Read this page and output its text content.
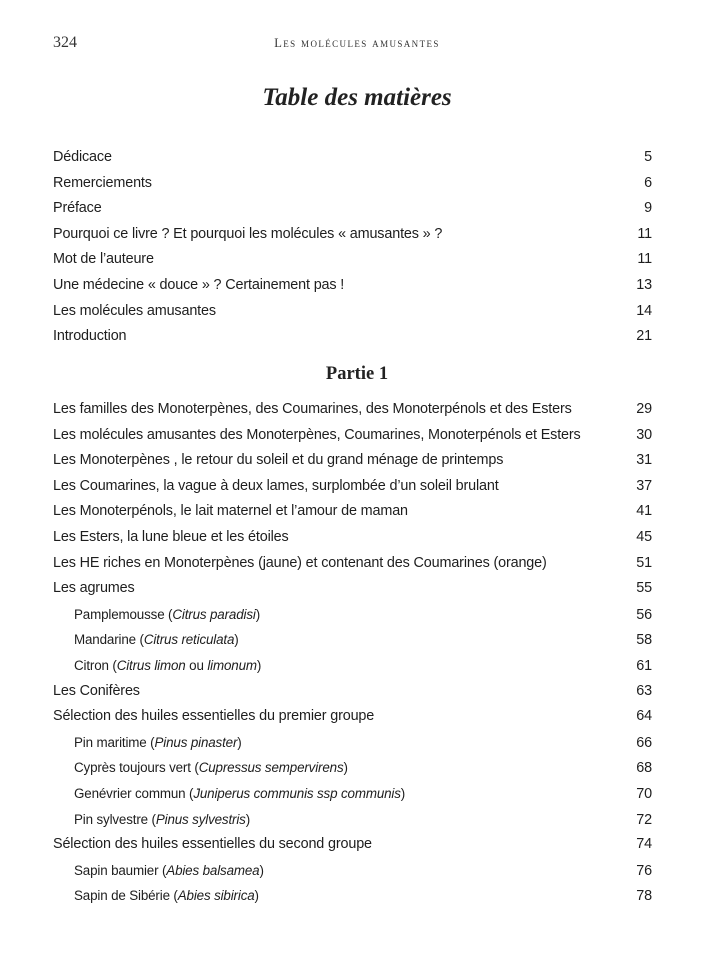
324	Les molécules amusantes
Table des matières
Dédicace	5
Remerciements	6
Préface	9
Pourquoi ce livre ? Et pourquoi les molécules « amusantes » ?	11
Mot de l’auteure	11
Une médecine « douce » ? Certainement pas !	13
Les molécules amusantes	14
Introduction	21
Partie 1
Les familles des Monoterpènes, des Coumarines, des Monoterpénols et des Esters	29
Les molécules amusantes des Monoterpènes, Coumarines, Monoterpénols et Esters	30
Les Monoterpènes , le retour du soleil et du grand ménage de printemps	31
Les Coumarines, la vague à deux lames, surplombée d’un soleil brulant	37
Les Monoterpénols, le lait maternel et l’amour de maman	41
Les Esters, la lune bleue et les étoiles	45
Les HE riches en Monoterpènes (jaune) et contenant des Coumarines (orange)	51
Les agrumes	55
Pamplemousse (Citrus paradisi)	56
Mandarine (Citrus reticulata)	58
Citron (Citrus limon ou limonum)	61
Les Conifères	63
Sélection des huiles essentielles du premier groupe	64
Pin maritime (Pinus pinaster)	66
Cyprès toujours vert (Cupressus sempervirens)	68
Genévrier commun (Juniperus communis ssp communis)	70
Pin sylvestre (Pinus sylvestris)	72
Sélection des huiles essentielles du second groupe	74
Sapin baumier (Abies balsamea)	76
Sapin de Sibérie (Abies sibirica)	78
